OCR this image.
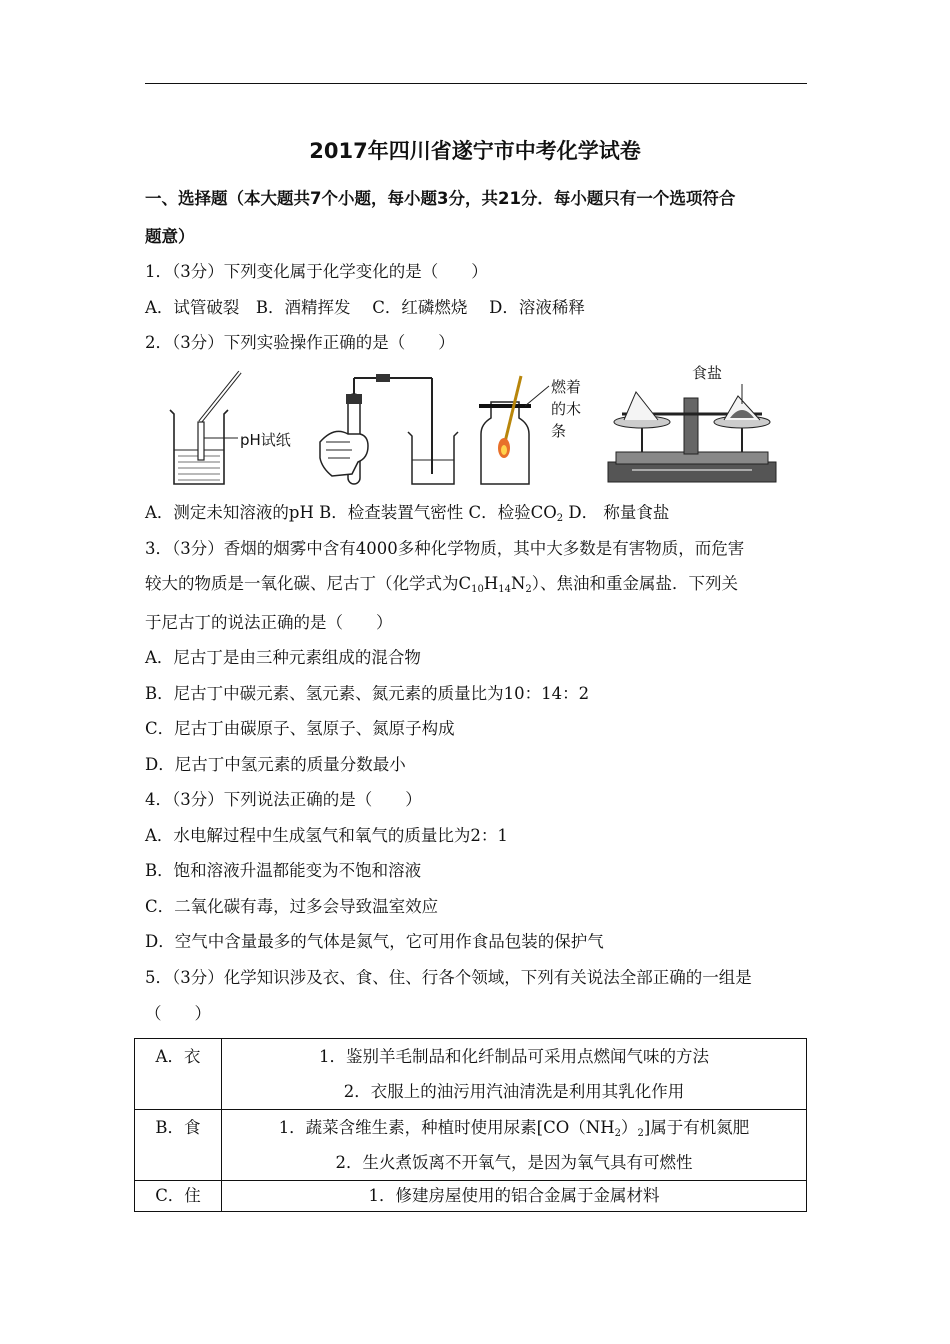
2017年四川省遂宁市中考化学试卷
一、选择题（本大题共7个小题，每小题3分，共21分．每小题只有一个选项符合
题意）
1．（3分）下列变化属于化学变化的是（　　）
A．试管破裂　B．酒精挥发　 C．红磷燃烧　 D．溶液稀释
2．（3分）下列实验操作正确的是（　　）
pH试纸
燃着
的木
条
食盐
A．测定未知溶液的pH B．检查装置气密性 C．检验$CO_2$ D． 称量食盐
3．（3分）香烟的烟雾中含有4000多种化学物质，其中大多数是有害物质，而危害
较大的物质是一氧化碳、尼古丁（化学式为$C_{10}H_{14}N_2$）、焦油和重金属盐．下列关
于尼古丁的说法正确的是（　　）
A．尼古丁是由三种元素组成的混合物
B．尼古丁中碳元素、氢元素、氮元素的质量比为10：14：2
C．尼古丁由碳原子、氢原子、氮原子构成
D．尼古丁中氢元素的质量分数最小
4．（3分）下列说法正确的是（　　）
A．水电解过程中生成氢气和氧气的质量比为2：1
B．饱和溶液升温都能变为不饱和溶液
C．二氧化碳有毒，过多会导致温室效应
D．空气中含量最多的气体是氮气，它可用作食品包装的保护气
5．（3分）化学知识涉及衣、食、住、行各个领域，下列有关说法全部正确的一组是
（　　）
A．衣	1．鉴别羊毛制品和化纤制品可采用点燃闻气味的方法
2．衣服上的油污用汽油清洗是利用其乳化作用

B．食	1．蔬菜含维生素，种植时使用尿素$[CO(NH_2)_2]$属于有机氮肥
2．生火煮饭离不开氧气，是因为氧气具有可燃性

C．住	1．修建房屋使用的铝合金属于金属材料
